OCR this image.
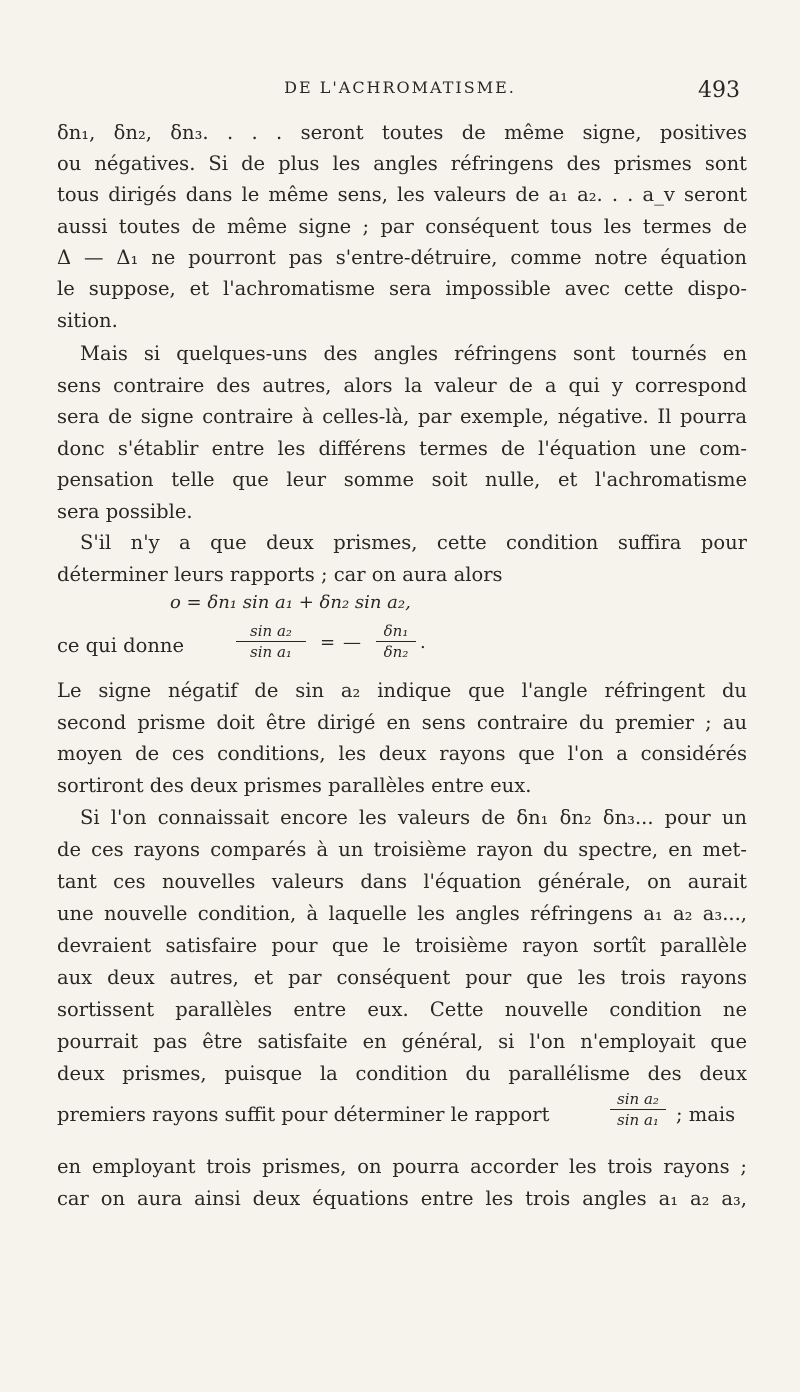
DE L'ACHROMATISME.	493
δn₁, δn₂, δn₃. . . . seront toutes de même signe, positives
ou négatives. Si de plus les angles réfringens des prismes sont
tous dirigés dans le même sens, les valeurs de a₁ a₂. . . a_v seront
aussi toutes de même signe ; par conséquent tous les termes de
Δ — Δ₁ ne pourront pas s'entre-détruire, comme notre équation
le suppose, et l'achromatisme sera impossible avec cette dispo-
sition.
Mais si quelques-uns des angles réfringens sont tournés en
sens contraire des autres, alors la valeur de a qui y correspond
sera de signe contraire à celles-là, par exemple, négative. Il pourra
donc s'établir entre les différens termes de l'équation une com-
pensation telle que leur somme soit nulle, et l'achromatisme
sera possible.
S'il n'y a que deux prismes, cette condition suffira pour
déterminer leurs rapports ; car on aura alors
o = δn₁ sin a₁ + δn₂ sin a₂,
ce qui donne
sin a₂
sin a₁ = —
δn₁
δn₂ .
Le signe négatif de sin a₂ indique que l'angle réfringent du
second prisme doit être dirigé en sens contraire du premier ; au
moyen de ces conditions, les deux rayons que l'on a considérés
sortiront des deux prismes parallèles entre eux.
Si l'on connaissait encore les valeurs de δn₁ δn₂ δn₃... pour un
de ces rayons comparés à un troisième rayon du spectre, en met-
tant ces nouvelles valeurs dans l'équation générale, on aurait
une nouvelle condition, à laquelle les angles réfringens a₁ a₂ a₃...,
devraient satisfaire pour que le troisième rayon sortît parallèle
aux deux autres, et par conséquent pour que les trois rayons
sortissent parallèles entre eux. Cette nouvelle condition ne
pourrait pas être satisfaite en général, si l'on n'employait que
deux prismes, puisque la condition du parallélisme des deux
premiers rayons suffit pour déterminer le rapport
sin a₂
sin a₁ ; mais
en employant trois prismes, on pourra accorder les trois rayons ;
car on aura ainsi deux équations entre les trois angles a₁ a₂ a₃,
